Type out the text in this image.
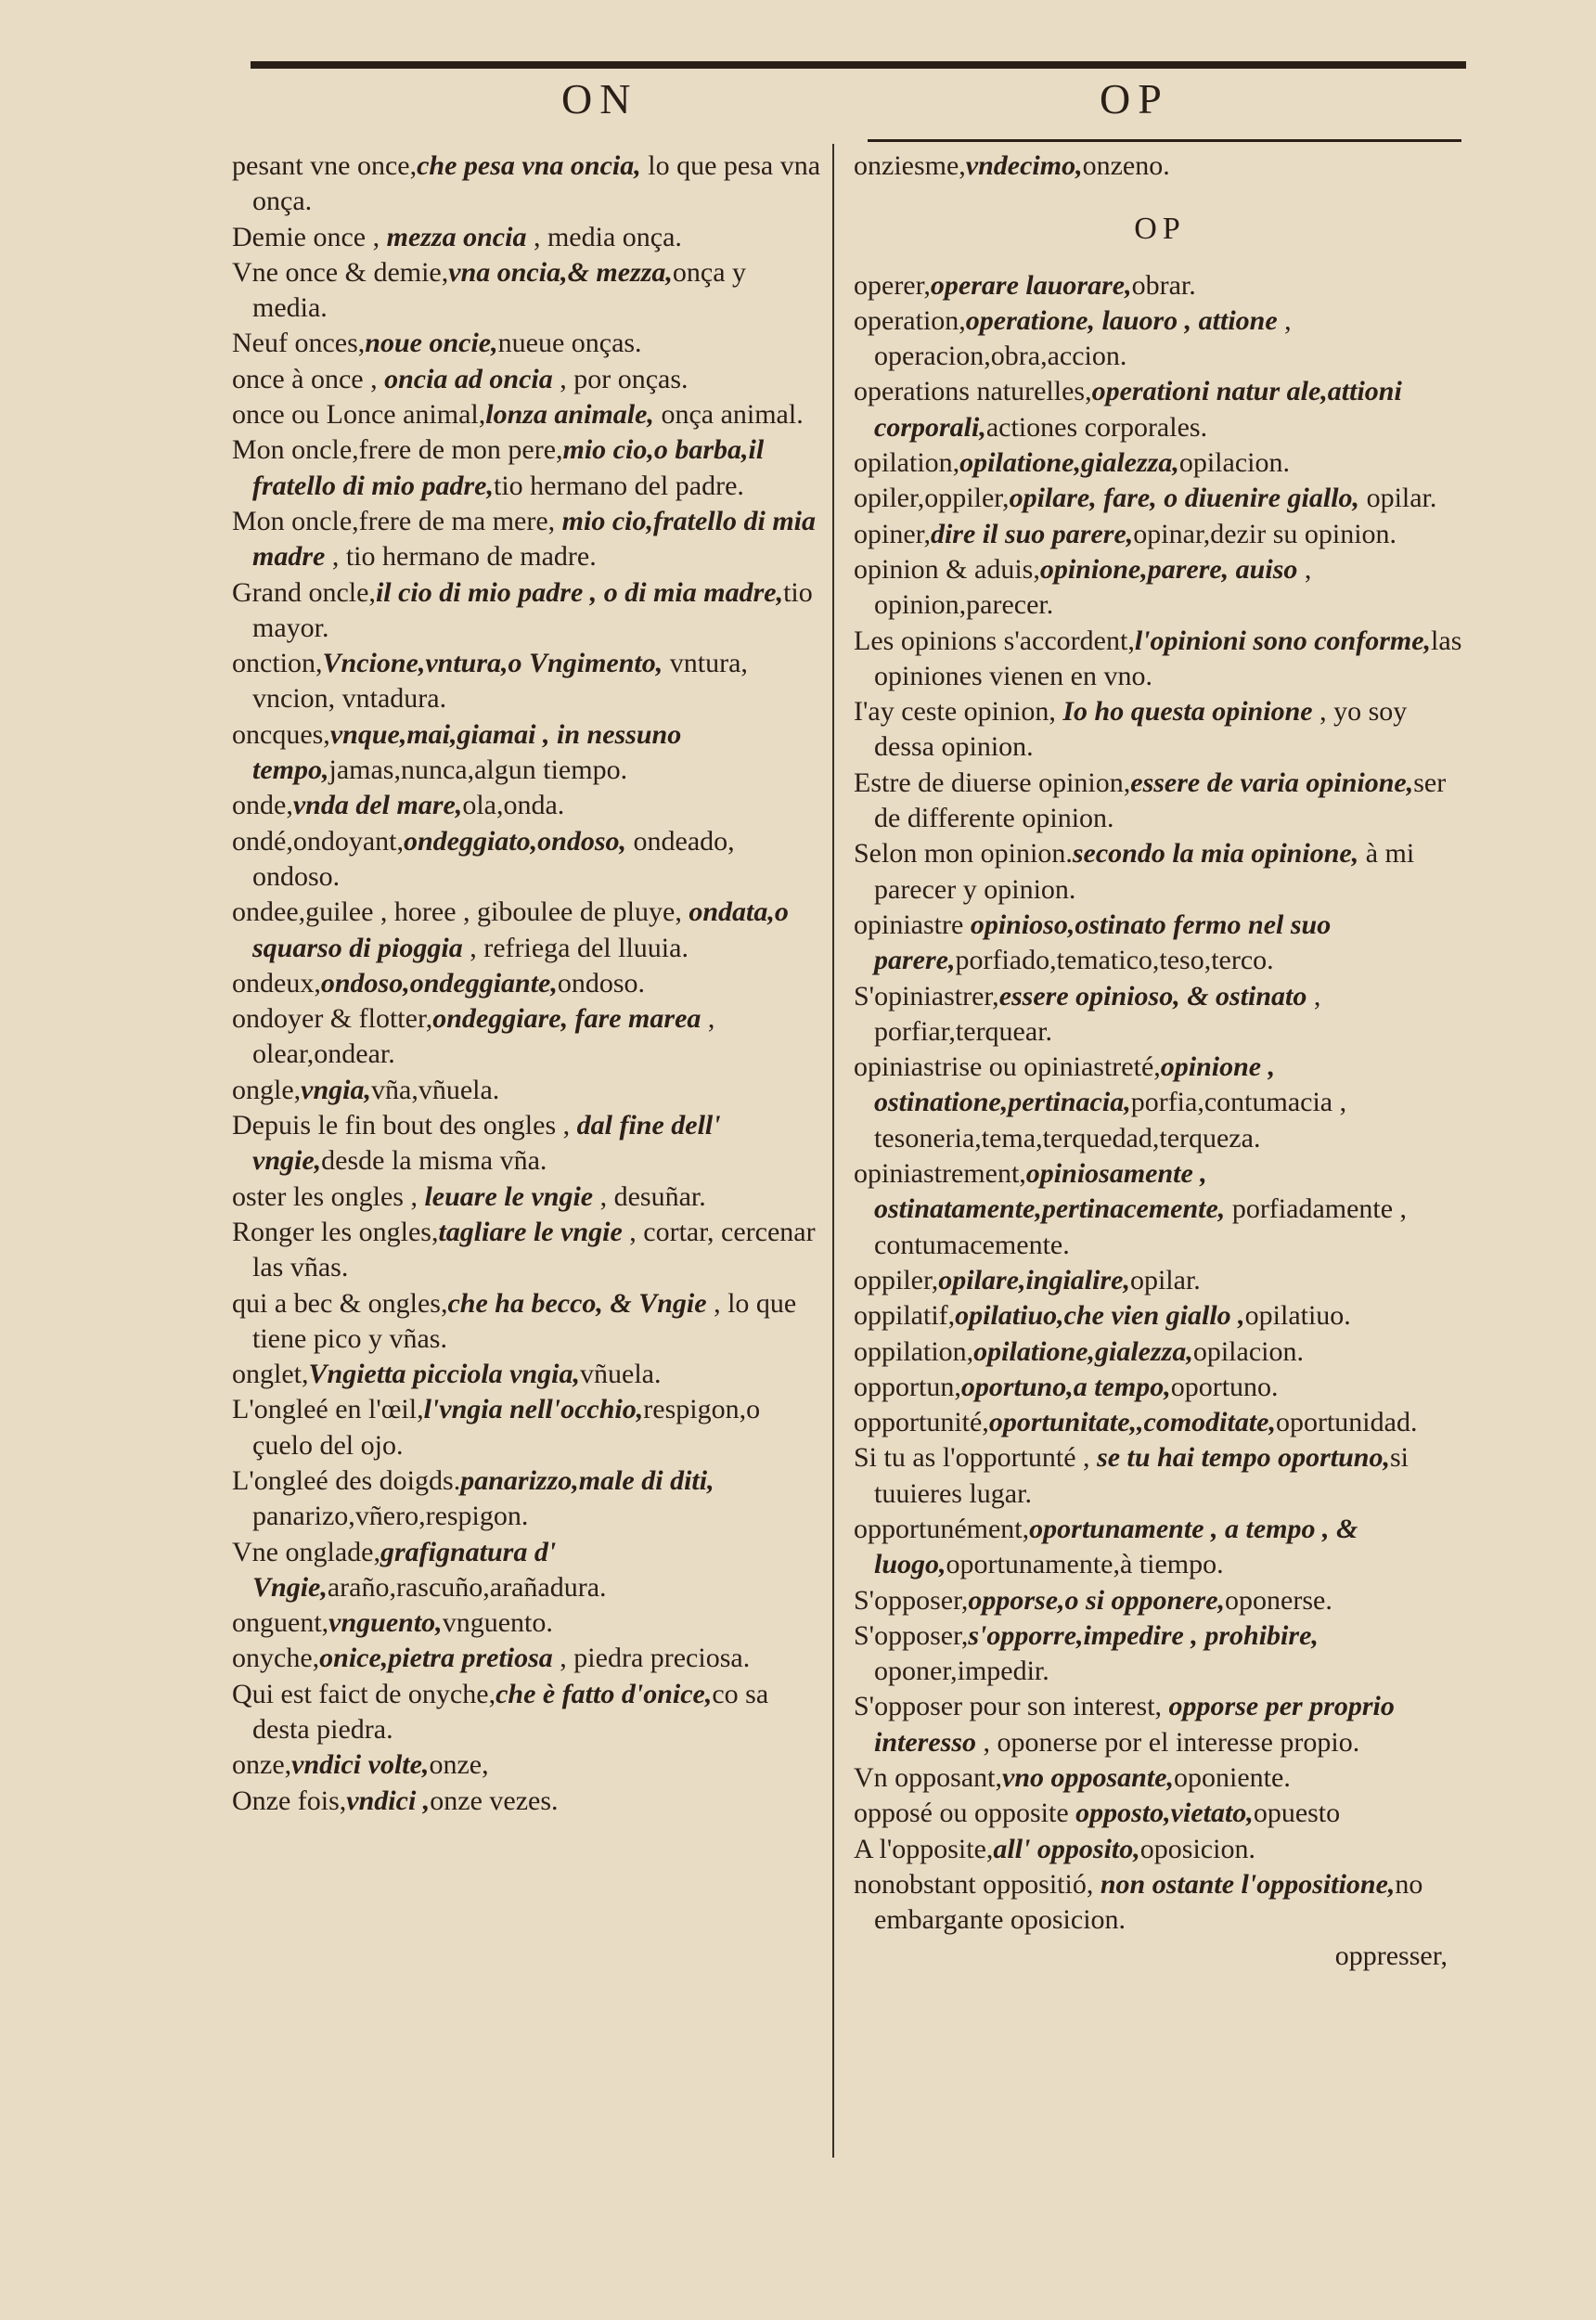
ON	OP

pesant vne once,che pesa vna oncia, lo que pesa vna onça.

Demie once , mezza oncia , media onça.

Vne once & demie,vna oncia,& mezza,onça y media.

Neuf onces,noue oncie,nueue onças.

once à once , oncia ad oncia , por onças.

once ou Lonce animal,lonza animale, onça animal.

Mon oncle,frere de mon pere,mio cio,o barba,il fratello di mio padre,tio hermano del padre.

Mon oncle,frere de ma mere, mio cio,fratello di mia madre , tio hermano de madre.

Grand oncle,il cio di mio padre , o di mia madre,tio mayor.

onction,Vncione,vntura,o Vngimento, vntura, vncion, vntadura.

oncques,vnque,mai,giamai , in nessuno tempo,jamas,nunca,algun tiempo.

onde,vnda del mare,ola,onda.

ondé,ondoyant,ondeggiato,ondoso, ondeado, ondoso.

ondee,guilee , horee , giboulee de pluye, ondata,o squarso di pioggia , refriega del lluuia.

ondeux,ondoso,ondeggiante,ondoso.

ondoyer & flotter,ondeggiare, fare marea , olear,ondear.

ongle,vngia,vña,vñuela.

Depuis le fin bout des ongles , dal fine dell' vngie,desde la misma vña.

oster les ongles , leuare le vngie , desuñar.

Ronger les ongles,tagliare le vngie , cortar, cercenar las vñas.

qui a bec & ongles,che ha becco, & Vngie , lo que tiene pico y vñas.

onglet,Vngietta picciola vngia,vñuela.

L'ongleé en l'œil,l'vngia nell'occhio,respigon,o çuelo del ojo.

L'ongleé des doigds.panarizzo,male di diti, panarizo,vñero,respigon.

Vne onglade,grafignatura d' Vngie,araño,rascuño,arañadura.

onguent,vnguento,vnguento.

onyche,onice,pietra pretiosa , piedra preciosa.

Qui est faict de onyche,che è fatto d'onice,co sa desta piedra.

onze,vndici volte,onze,

Onze fois,vndici ,onze vezes.

onziesme,vndecimo,onzeno.

OP

operer,operare lauorare,obrar.

operation,operatione, lauoro , attione , operacion,obra,accion.

operations naturelles,operationi natur ale,attioni corporali,actiones corporales.

opilation,opilatione,gialezza,opilacion.

opiler,oppiler,opilare, fare, o diuenire giallo, opilar.

opiner,dire il suo parere,opinar,dezir su opinion.

opinion & aduis,opinione,parere, auiso , opinion,parecer.

Les opinions s'accordent,l'opinioni sono conforme,las opiniones vienen en vno.

I'ay ceste opinion, Io ho questa opinione , yo soy dessa opinion.

Estre de diuerse opinion,essere de varia opinione,ser de differente opinion.

Selon mon opinion.secondo la mia opinione, à mi parecer y opinion.

opiniastre opinioso,ostinato fermo nel suo parere,porfiado,tematico,teso,terco.

S'opiniastrer,essere opinioso, & ostinato , porfiar,terquear.

opiniastrise ou opiniastreté,opinione , ostinatione,pertinacia,porfia,contumacia , tesoneria,tema,terquedad,terqueza.

opiniastrement,opiniosamente , ostinatamente,pertinacemente, porfiadamente , contumacemente.

oppiler,opilare,ingialire,opilar.

oppilatif,opilatiuo,che vien giallo ,opilatiuo.

oppilation,opilatione,gialezza,opilacion.

opportun,oportuno,a tempo,oportuno.

opportunité,oportunitate,,comoditate,oportunidad.

Si tu as l'opportunté , se tu hai tempo oportuno,si tuuieres lugar.

opportunément,oportunamente , a tempo , & luogo,oportunamente,à tiempo.

S'opposer,opporse,o si opponere,oponerse.

S'opposer,s'opporre,impedire , prohibire, oponer,impedir.

S'opposer pour son interest, opporse per proprio interesso , oponerse por el interesse propio.

Vn opposant,vno opposante,oponiente.

opposé ou opposite opposto,vietato,opuesto

A l'opposite,all' opposito,oposicion.

nonobstant oppositió, non ostante l'oppositione,no embargante oposicion.

oppresser,
